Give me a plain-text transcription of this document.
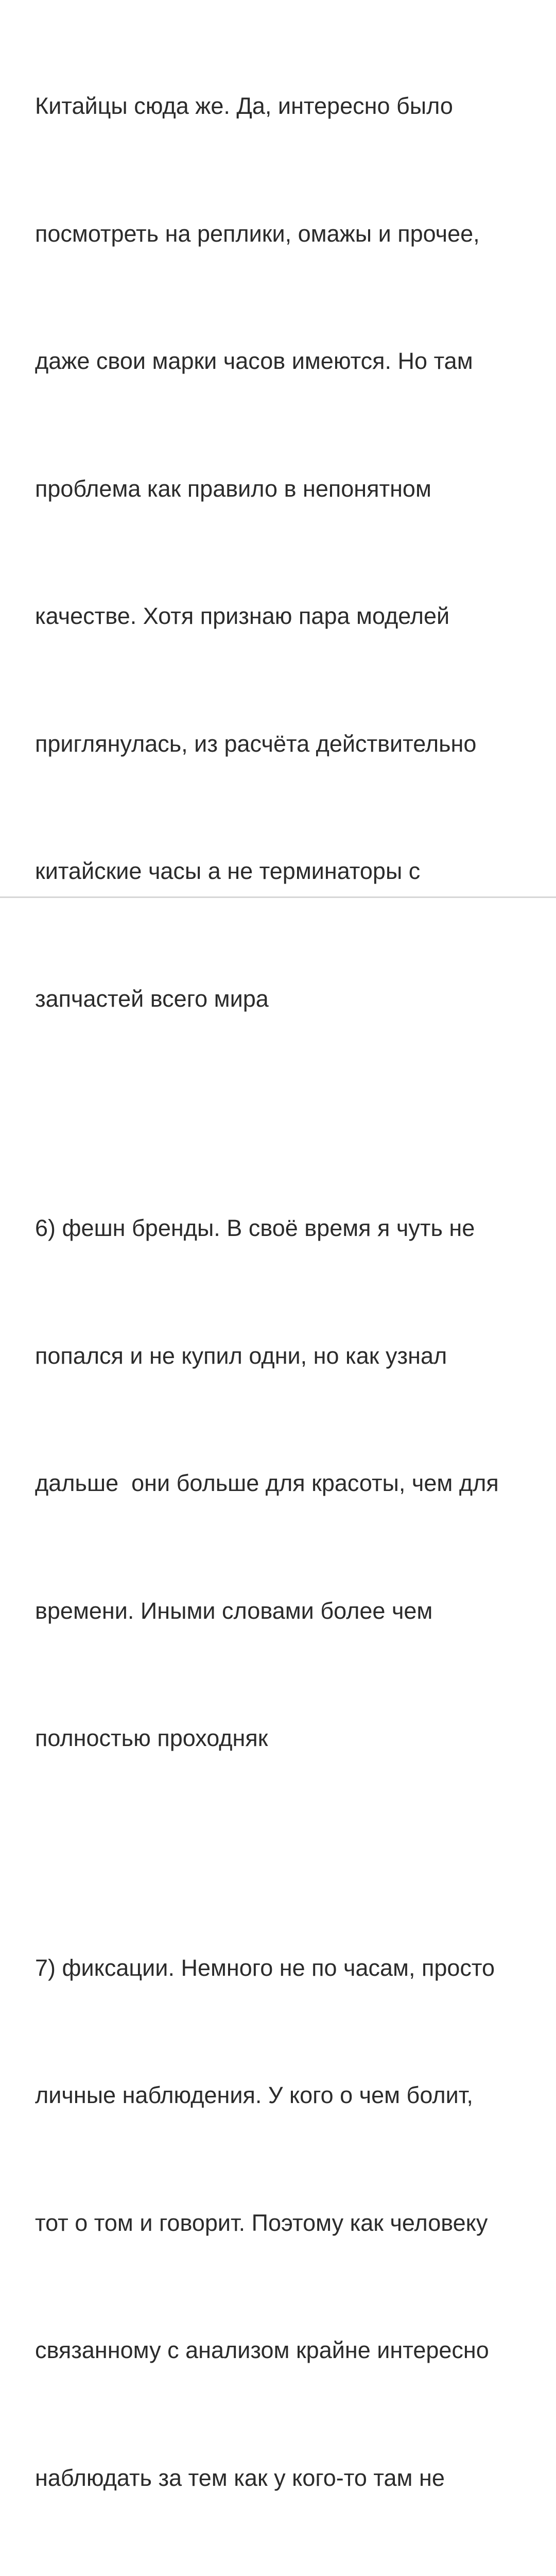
Китайцы сюда же. Да, интересно было

посмотреть на реплики, омажы и прочее,

даже свои марки часов имеются. Но там

проблема как правило в непонятном

качестве. Хотя признаю пара моделей

приглянулась, из расчёта действительно

китайские часы а не терминаторы с

запчастей всего мира

6) фешн бренды. В своё время я чуть не

попался и не купил одни, но как узнал

дальше  они больше для красоты, чем для

времени. Иными словами более чем

полностью проходняк

7) фиксации. Немного не по часам, просто

личные наблюдения. У кого о чем болит,

тот о том и говорит. Поэтому как человеку

связанному с анализом крайне интересно

наблюдать за тем как у кого-то там не
